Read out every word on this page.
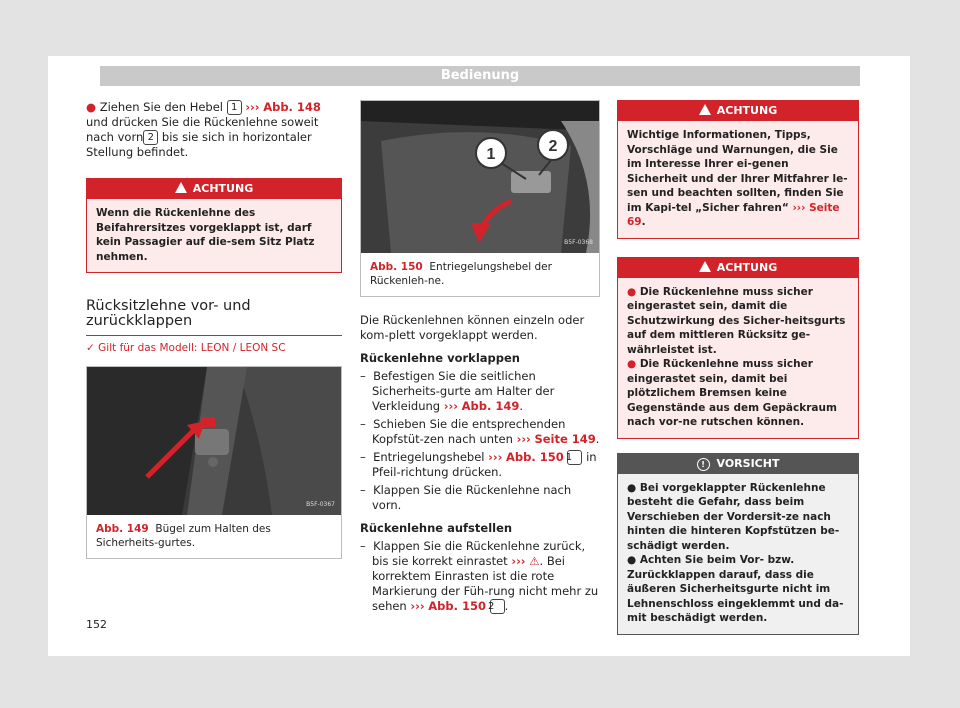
Bedienung

● Ziehen Sie den Hebel 1 ››› Abb. 148 und drücken Sie die Rückenlehne soweit nach vorn 2 bis sie sich in horizontaler Stellung befindet.

ACHTUNG
Wenn die Rückenlehne des Beifahrersitzes vorgeklappt ist, darf kein Passagier auf die-sem Sitz Platz nehmen.
Rücksitzlehne vor- und zurückklappen
✓ Gilt für das Modell: LEON / LEON SC
B5F-0367
Abb. 149 Bügel zum Halten des Sicherheits-gurtes.
1	2
B5F-0368
Abb. 150 Entriegelungshebel der Rückenleh-ne.

Die Rückenlehnen können einzeln oder kom-plett vorgeklappt werden.

Rückenlehne vorklappen

– Befestigen Sie die seitlichen Sicherheits-gurte am Halter der Verkleidung ››› Abb. 149.

– Schieben Sie die entsprechenden Kopfstüt-zen nach unten ››› Seite 149.

– Entriegelungshebel ››› Abb. 150 1 in Pfeil-richtung drücken.

– Klappen Sie die Rückenlehne nach vorn.

Rückenlehne aufstellen

– Klappen Sie die Rückenlehne zurück, bis sie korrekt einrastet ››› ⚠. Bei korrektem Einrasten ist die rote Markierung der Füh-rung nicht mehr zu sehen ››› Abb. 150 2 .

ACHTUNG
Wichtige Informationen, Tipps, Vorschläge und Warnungen, die Sie im Interesse Ihrer ei-genen Sicherheit und der Ihrer Mitfahrer le-sen und beachten sollten, finden Sie im Kapi-tel „Sicher fahren“ ››› Seite 69.
ACHTUNG

● Die Rückenlehne muss sicher eingerastet sein, damit die Schutzwirkung des Sicher-heitsgurts auf dem mittleren Rücksitz ge-währleistet ist.

● Die Rückenlehne muss sicher eingerastet sein, damit bei plötzlichem Bremsen keine Gegenstände aus dem Gepäckraum nach vor-ne rutschen können.

! VORSICHT

● Bei vorgeklappter Rückenlehne besteht die Gefahr, dass beim Verschieben der Vordersit-ze nach hinten die hinteren Kopfstützen be-schädigt werden.

● Achten Sie beim Vor- bzw. Zurückklappen darauf, dass die äußeren Sicherheitsgurte nicht im Lehnenschloss eingeklemmt und da-mit beschädigt werden.

152
